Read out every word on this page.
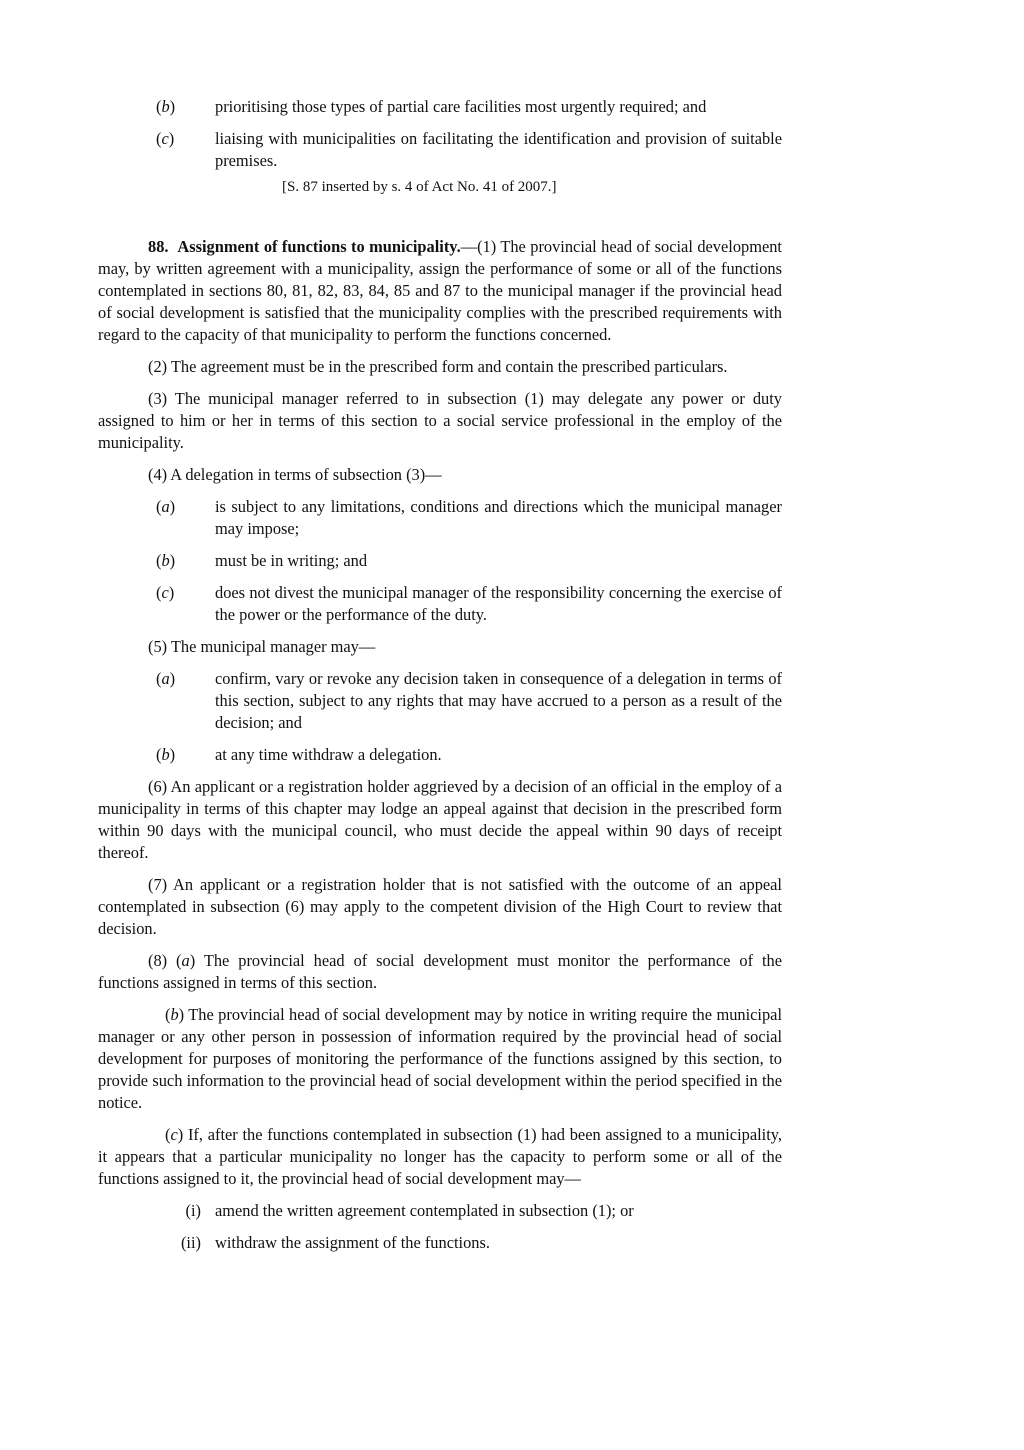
(b)	prioritising those types of partial care facilities most urgently required; and
(c)	liaising with municipalities on facilitating the identification and provision of suitable premises.
[S. 87 inserted by s. 4 of Act No. 41 of 2007.]

88. Assignment of functions to municipality.—(1) The provincial head of social development may, by written agreement with a municipality, assign the performance of some or all of the functions contemplated in sections 80, 81, 82, 83, 84, 85 and 87 to the municipal manager if the provincial head of social development is satisfied that the municipality complies with the prescribed requirements with regard to the capacity of that municipality to perform the functions concerned.

(2) The agreement must be in the prescribed form and contain the prescribed particulars.

(3) The municipal manager referred to in subsection (1) may delegate any power or duty assigned to him or her in terms of this section to a social service professional in the employ of the municipality.

(4) A delegation in terms of subsection (3)—

(a)	is subject to any limitations, conditions and directions which the municipal manager may impose;
(b)	must be in writing; and
(c)	does not divest the municipal manager of the responsibility concerning the exercise of the power or the performance of the duty.

(5) The municipal manager may—

(a)	confirm, vary or revoke any decision taken in consequence of a delegation in terms of this section, subject to any rights that may have accrued to a person as a result of the decision; and
(b)	at any time withdraw a delegation.

(6) An applicant or a registration holder aggrieved by a decision of an official in the employ of a municipality in terms of this chapter may lodge an appeal against that decision in the prescribed form within 90 days with the municipal council, who must decide the appeal within 90 days of receipt thereof.

(7) An applicant or a registration holder that is not satisfied with the outcome of an appeal contemplated in subsection (6) may apply to the competent division of the High Court to review that decision.

(8) (a) The provincial head of social development must monitor the performance of the functions assigned in terms of this section.

(b) The provincial head of social development may by notice in writing require the municipal manager or any other person in possession of information required by the provincial head of social development for purposes of monitoring the performance of the functions assigned by this section, to provide such information to the provincial head of social development within the period specified in the notice.

(c) If, after the functions contemplated in subsection (1) had been assigned to a municipality, it appears that a particular municipality no longer has the capacity to perform some or all of the functions assigned to it, the provincial head of social development may—

(i) amend the written agreement contemplated in subsection (1); or
(ii) withdraw the assignment of the functions.
